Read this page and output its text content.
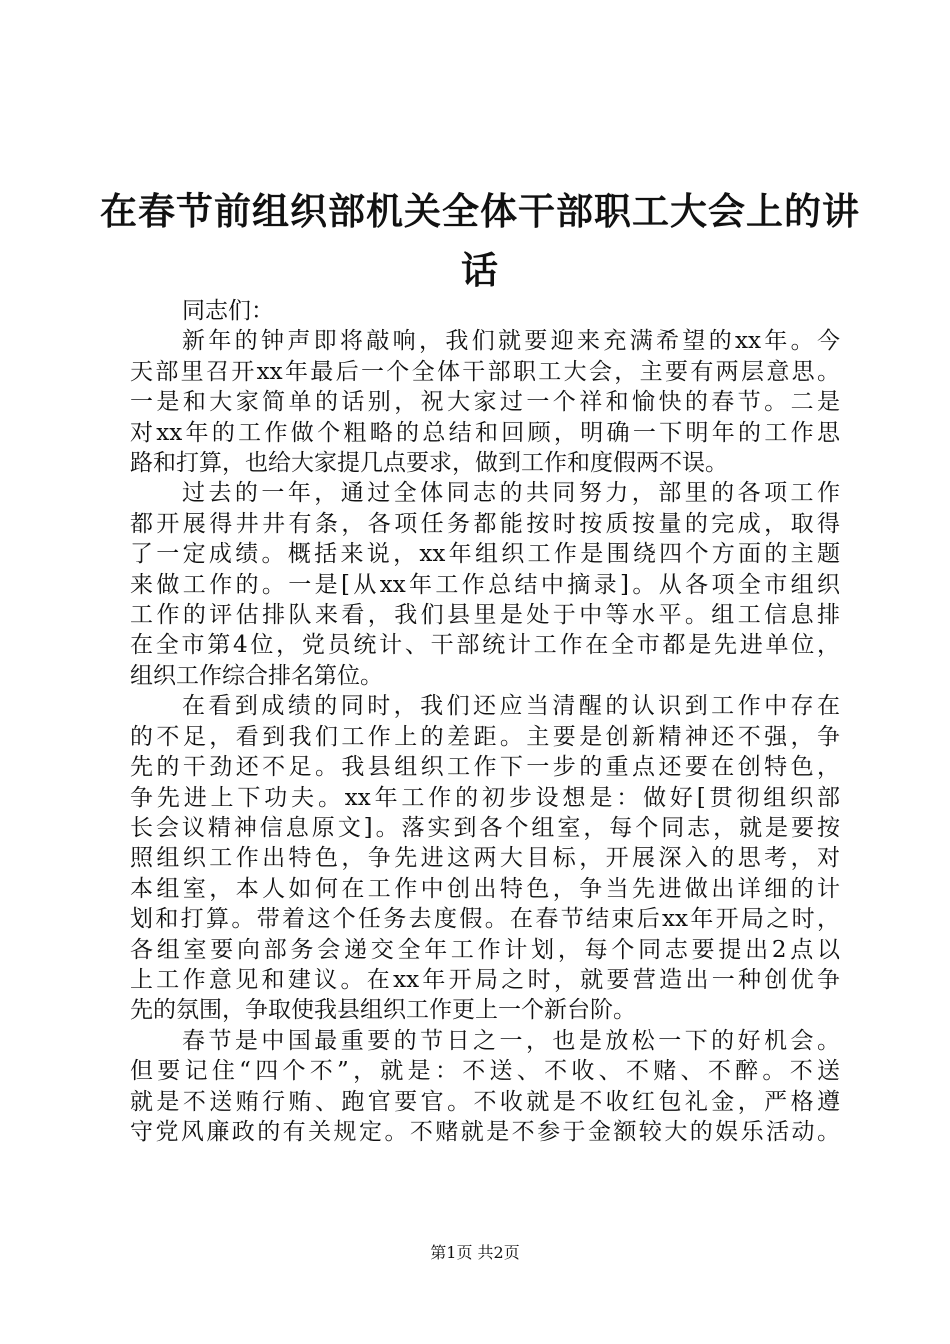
在春节前组织部机关全体干部职工大会上的讲
话
同志们：
新年的钟声即将敲响，我们就要迎来充满希望的xx年。今
天部里召开xx年最后一个全体干部职工大会，主要有两层意思。
一是和大家简单的话别，祝大家过一个祥和愉快的春节。二是
对xx年的工作做个粗略的总结和回顾，明确一下明年的工作思
路和打算，也给大家提几点要求，做到工作和度假两不误。
过去的一年，通过全体同志的共同努力，部里的各项工作
都开展得井井有条，各项任务都能按时按质按量的完成，取得
了一定成绩。概括来说，xx年组织工作是围绕四个方面的主题
来做工作的。一是[从xx年工作总结中摘录]。从各项全市组织
工作的评估排队来看，我们县里是处于中等水平。组工信息排
在全市第4位，党员统计、干部统计工作在全市都是先进单位，
组织工作综合排名第位。
在看到成绩的同时，我们还应当清醒的认识到工作中存在
的不足，看到我们工作上的差距。主要是创新精神还不强，争
先的干劲还不足。我县组织工作下一步的重点还要在创特色，
争先进上下功夫。xx年工作的初步设想是：做好[贯彻组织部
长会议精神信息原文]。落实到各个组室，每个同志，就是要按
照组织工作出特色，争先进这两大目标，开展深入的思考，对
本组室，本人如何在工作中创出特色，争当先进做出详细的计
划和打算。带着这个任务去度假。在春节结束后xx年开局之时，
各组室要向部务会递交全年工作计划，每个同志要提出2点以
上工作意见和建议。在xx年开局之时，就要营造出一种创优争
先的氛围，争取使我县组织工作更上一个新台阶。
春节是中国最重要的节日之一，也是放松一下的好机会。
但要记住“四个不”，就是：不送、不收、不赌、不醉。不送
就是不送贿行贿、跑官要官。不收就是不收红包礼金，严格遵
守党风廉政的有关规定。不赌就是不参于金额较大的娱乐活动。
第1页 共2页
